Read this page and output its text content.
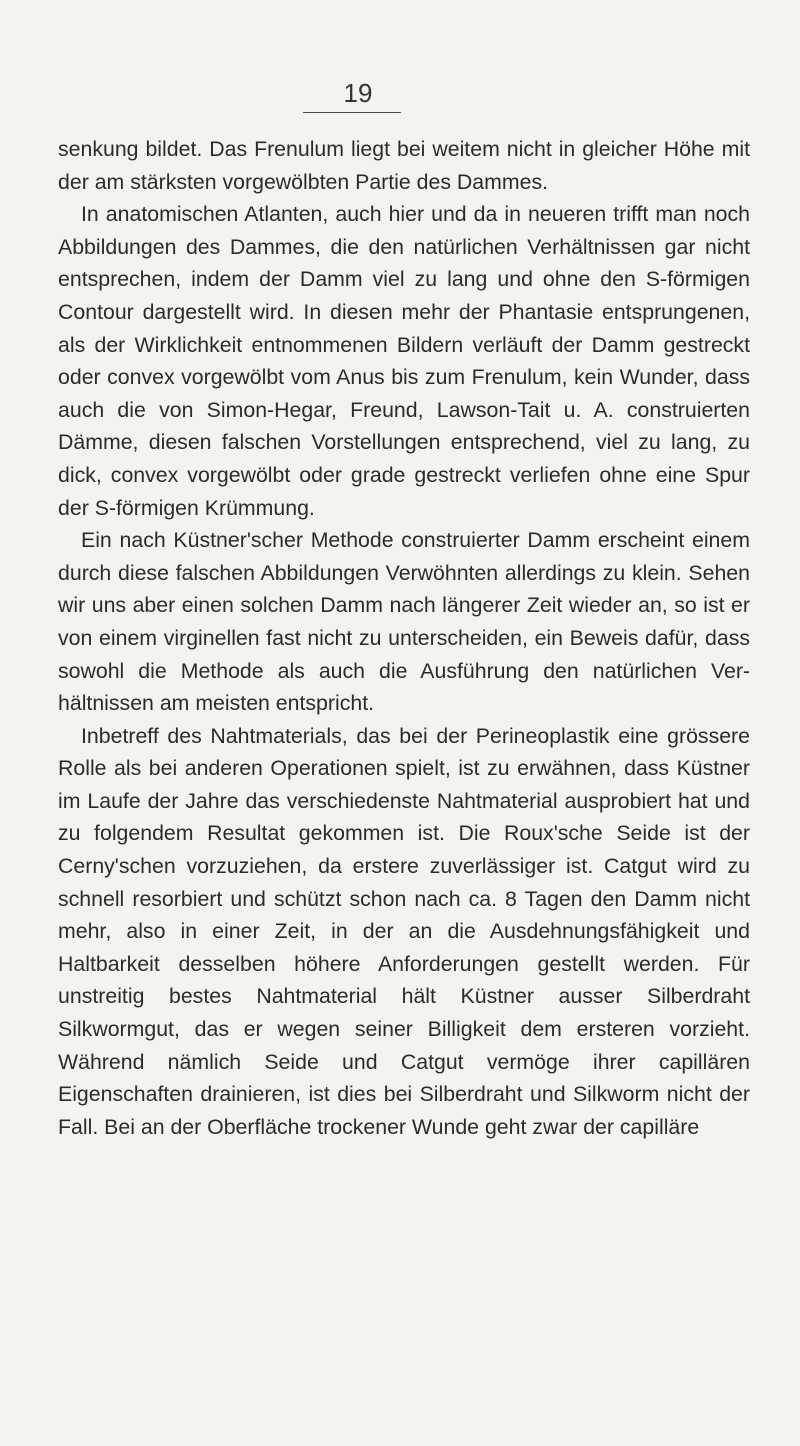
19

senkung bildet. Das Frenulum liegt bei weitem nicht in gleicher Höhe mit der am stärksten vorgewölbten Partie des Dammes.

In anatomischen Atlanten, auch hier und da in neueren trifft man noch Abbildungen des Dammes, die den natürlichen Verhältnissen gar nicht entsprechen, indem der Damm viel zu lang und ohne den S-förmigen Contour dargestellt wird. In diesen mehr der Phantasie entsprungenen, als der Wirklichkeit entnommenen Bildern verläuft der Damm gestreckt oder convex vorgewölbt vom Anus bis zum Frenulum, kein Wunder, dass auch die von Simon-Hegar, Freund, Lawson-Tait u. A. construierten Dämme, diesen falschen Vorstellungen entsprechend, viel zu lang, zu dick, convex vorgewölbt oder grade gestreckt verliefen ohne eine Spur der S-förmigen Krümmung.

Ein nach Küstner'scher Methode construierter Damm erscheint einem durch diese falschen Abbildungen Verwöhnten allerdings zu klein. Sehen wir uns aber einen solchen Damm nach längerer Zeit wieder an, so ist er von einem virginellen fast nicht zu unterscheiden, ein Beweis dafür, dass sowohl die Methode als auch die Ausführung den natürlichen Verhältnissen am meisten entspricht.

Inbetreff des Nahtmaterials, das bei der Perineoplastik eine grössere Rolle als bei anderen Operationen spielt, ist zu erwähnen, dass Küstner im Laufe der Jahre das verschiedenste Nahtmaterial ausprobiert hat und zu folgendem Resultat gekommen ist. Die Roux'sche Seide ist der Cerny'schen vorzuziehen, da erstere zuverlässiger ist. Catgut wird zu schnell resorbiert und schützt schon nach ca. 8 Tagen den Damm nicht mehr, also in einer Zeit, in der an die Ausdehnungsfähigkeit und Haltbarkeit desselben höhere Anforderungen gestellt werden. Für unstreitig bestes Nahtmaterial hält Küstner ausser Silberdraht Silkwormgut, das er wegen seiner Billigkeit dem ersteren vorzieht. Während nämlich Seide und Catgut vermöge ihrer capillären Eigenschaften drainieren, ist dies bei Silberdraht und Silkworm nicht der Fall. Bei an der Oberfläche trockener Wunde geht zwar der capilläre
